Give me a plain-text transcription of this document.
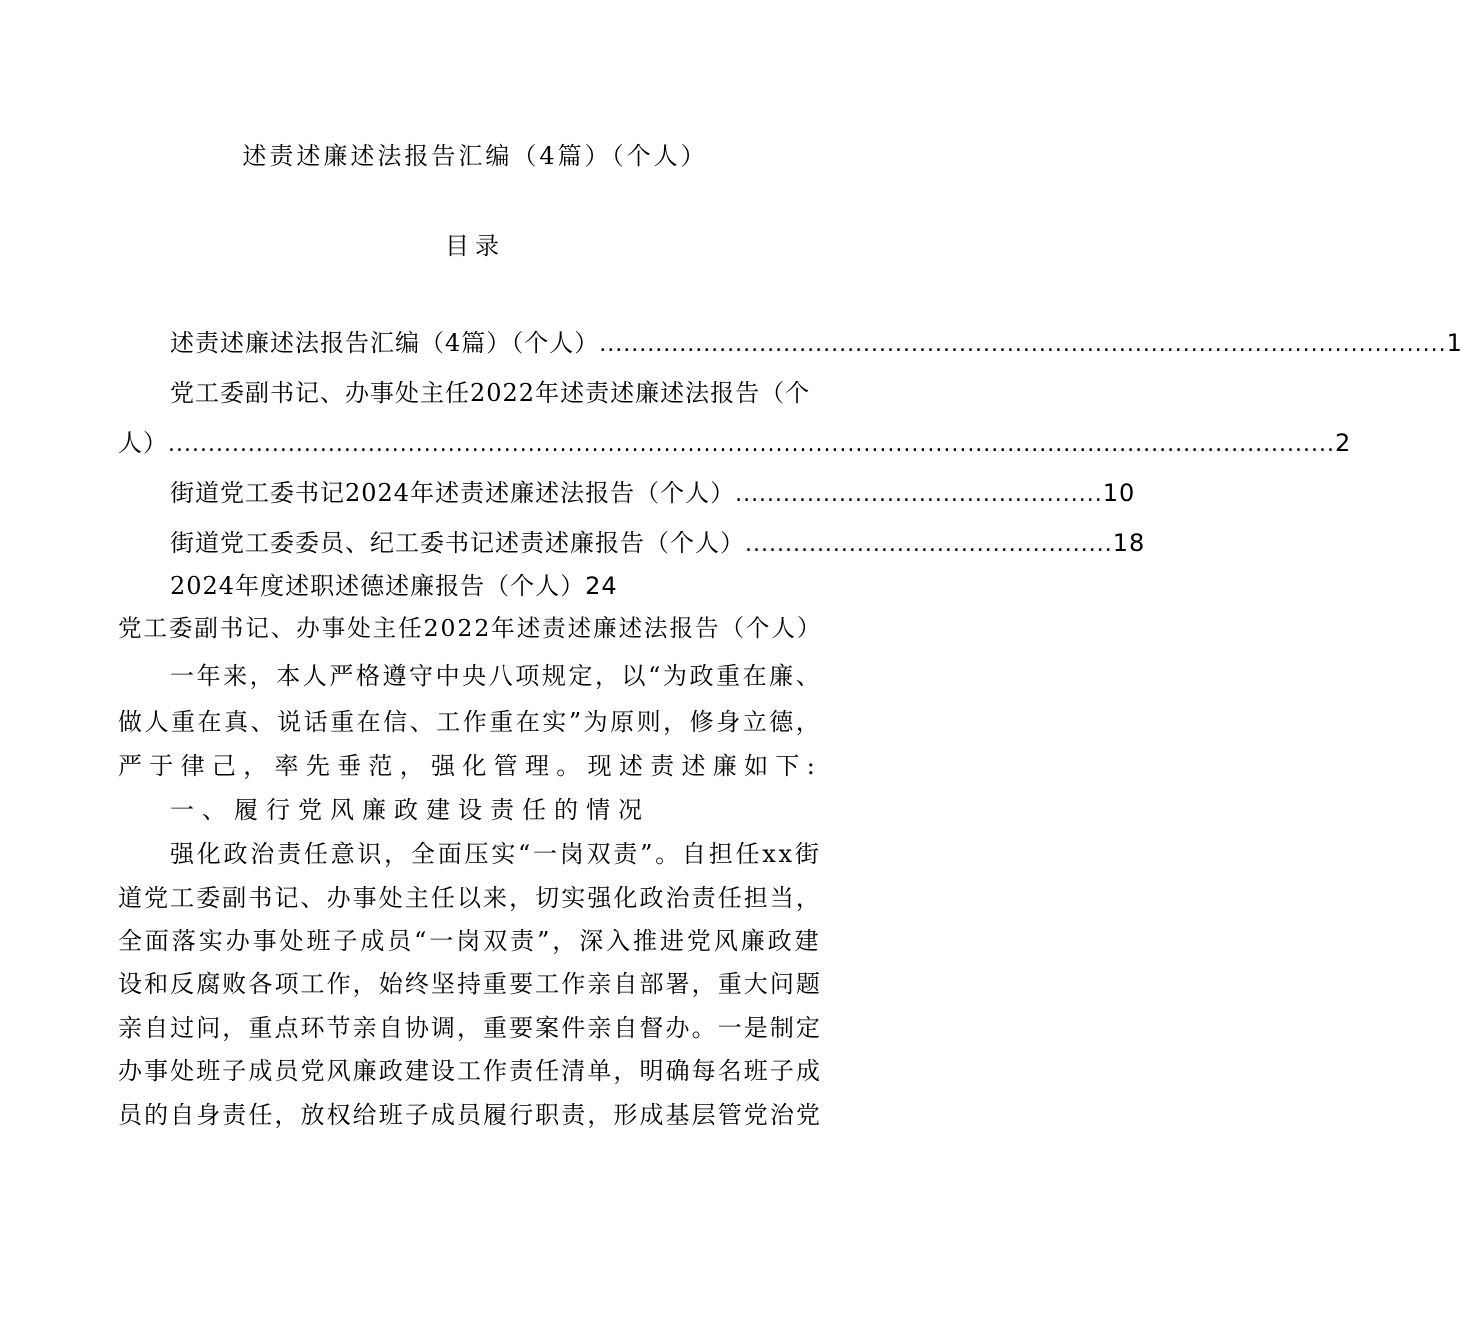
述责述廉述法报告汇编（4篇）（个人）
目录
述责述廉述法报告汇编（4篇）（个人） .......................................................................................................... 1
党工委副书记、办事处主任2022年述责述廉述法报告（个
人） .................................................................................................................................................. 2
街道党工委书记2024年述责述廉述法报告（个人） .............................................. 10
街道党工委委员、纪工委书记述责述廉报告（个人） .............................................. 18
2024年度述职述德述廉报告（个人） 24
党工委副书记、办事处主任2022年述责述廉述法报告（个人）
一年来，本人严格遵守中央八项规定，以“为政重在廉、
做人重在真、说话重在信、工作重在实”为原则，修身立德，
严于律己，率先垂范，强化管理。现述责述廉如下:
一、履行党风廉政建设责任的情况
强化政治责任意识，全面压实“一岗双责”。自担任xx街
道党工委副书记、办事处主任以来，切实强化政治责任担当，
全面落实办事处班子成员“一岗双责”，深入推进党风廉政建
设和反腐败各项工作，始终坚持重要工作亲自部署，重大问题
亲自过问，重点环节亲自协调，重要案件亲自督办。一是制定
办事处班子成员党风廉政建设工作责任清单，明确每名班子成
员的自身责任，放权给班子成员履行职责，形成基层管党治党
